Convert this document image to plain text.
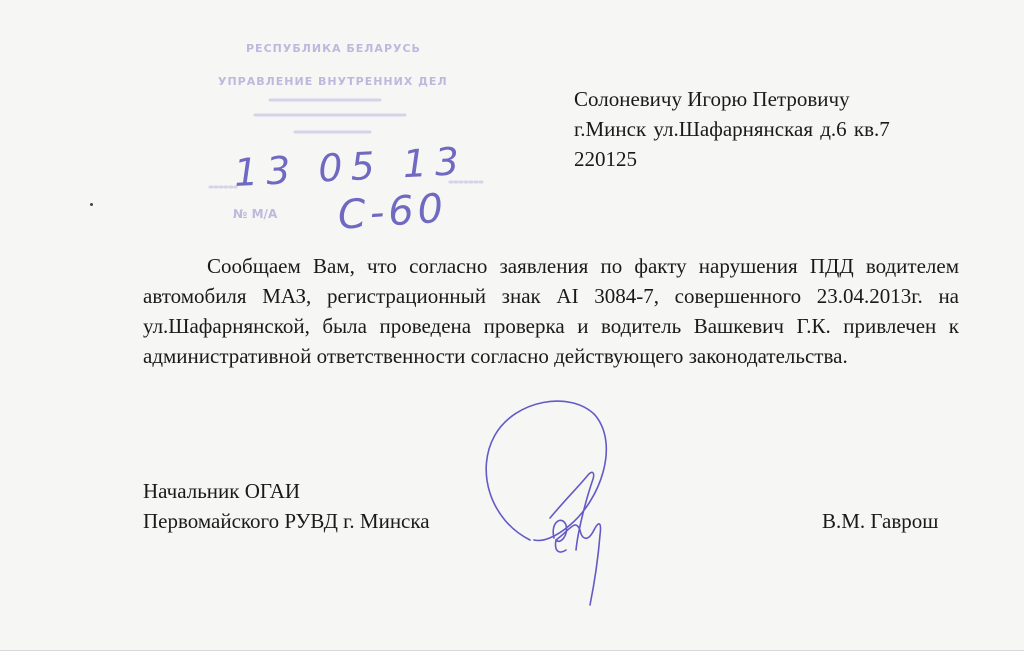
РЕСПУБЛИКА БЕЛАРУСЬ
УПРАВЛЕНИЕ ВНУТРЕННИХ ДЕЛ
№ М/А
13 05 13
С-60
Солоневичу Игорю Петровичу
г.Минск ул.Шафарнянская д.6 кв.7
220125

Сообщаем Вам, что согласно заявления по факту нарушения ПДД водителем автомобиля МАЗ, регистрационный знак AI 3084-7, совершенного 23.04.2013г. на ул.Шафарнянской, была проведена проверка и водитель Вашкевич Г.К. привлечен к административной ответственности согласно действующего законодательства.

Начальник ОГАИ
Первомайского РУВД г. Минска	В.М. Гаврош
